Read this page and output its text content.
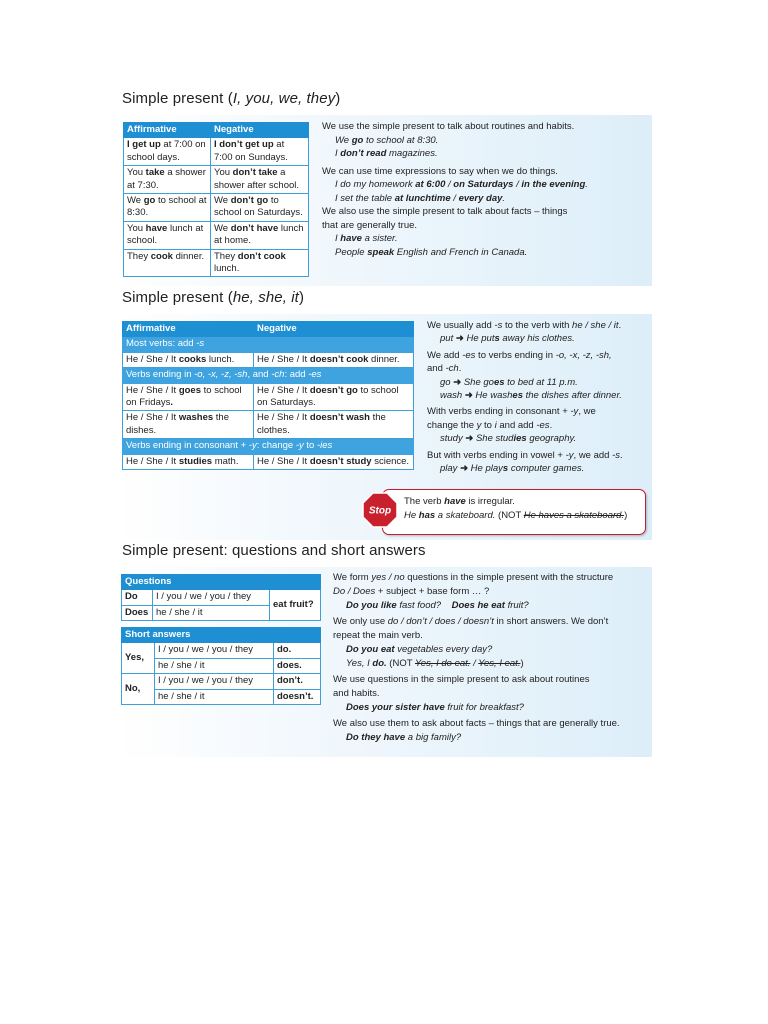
Simple present (I, you, we, they)
Affirmative	Negative
I get up at 7:00 on school days.	I don’t get up at 7:00 on Sundays.
You take a shower at 7:30.	You don’t take a shower after school.
We go to school at 8:30.	We don’t go to school on Saturdays.
You have lunch at school.	We don’t have lunch at home.
They cook dinner.	They don’t cook lunch.

We use the simple present to talk about routines and habits.

We go to school at 8:30.

I don’t read magazines.

We can use time expressions to say when we do things.

I do my homework at 6:00 / on Saturdays / in the evening.

I set the table at lunchtime / every day.

We also use the simple present to talk about facts – things

that are generally true.

I have a sister.

People speak English and French in Canada.

Simple present (he, she, it)
Affirmative	Negative
Most verbs: add -s	
He / She / It cooks lunch.	He / She / It doesn’t cook dinner.
Verbs ending in -o, -x, -z, -sh, and -ch: add -es	
He / She / It goes to school on Fridays.	He / She / It doesn’t go to school on Saturdays.
He / She / It washes the dishes.	He / She / It doesn’t wash the clothes.
Verbs ending in consonant + -y: change -y to -ies	
He / She / It studies math.	He / She / It doesn’t study science.

We usually add -s to the verb with he / she / it.

put ➜ He puts away his clothes.

We add -es to verbs ending in -o, -x, -z, -sh,

and -ch.

go ➜ She goes to bed at 11 p.m.

wash ➜ He washes the dishes after dinner.

With verbs ending in consonant + -y, we

change the y to i and add -es.

study ➜ She studies geography.

But with verbs ending in vowel + -y, we add -s.

play ➜ He plays computer games.

Stop

The verb have is irregular.

He has a skateboard. (NOT He haves a skateboard.)

Simple present: questions and short answers
Questions		
Do	I / you / we / you / they	eat fruit?
Does	he / she / it	
Short answers		
Yes,	I / you / we / you / they	do.
	he / she / it	does.
No,	I / you / we / you / they	don’t.
	he / she / it	doesn’t.

We form yes / no questions in the simple present with the structure

Do / Does + subject + base form … ?

Do you like fast food? Does he eat fruit?

We only use do / don’t / does / doesn’t in short answers. We don’t

repeat the main verb.

Do you eat vegetables every day?

Yes, I do. (NOT Yes, I do eat. / Yes, I eat.)

We use questions in the simple present to ask about routines

and habits.

Does your sister have fruit for breakfast?

We also use them to ask about facts – things that are generally true.

Do they have a big family?
